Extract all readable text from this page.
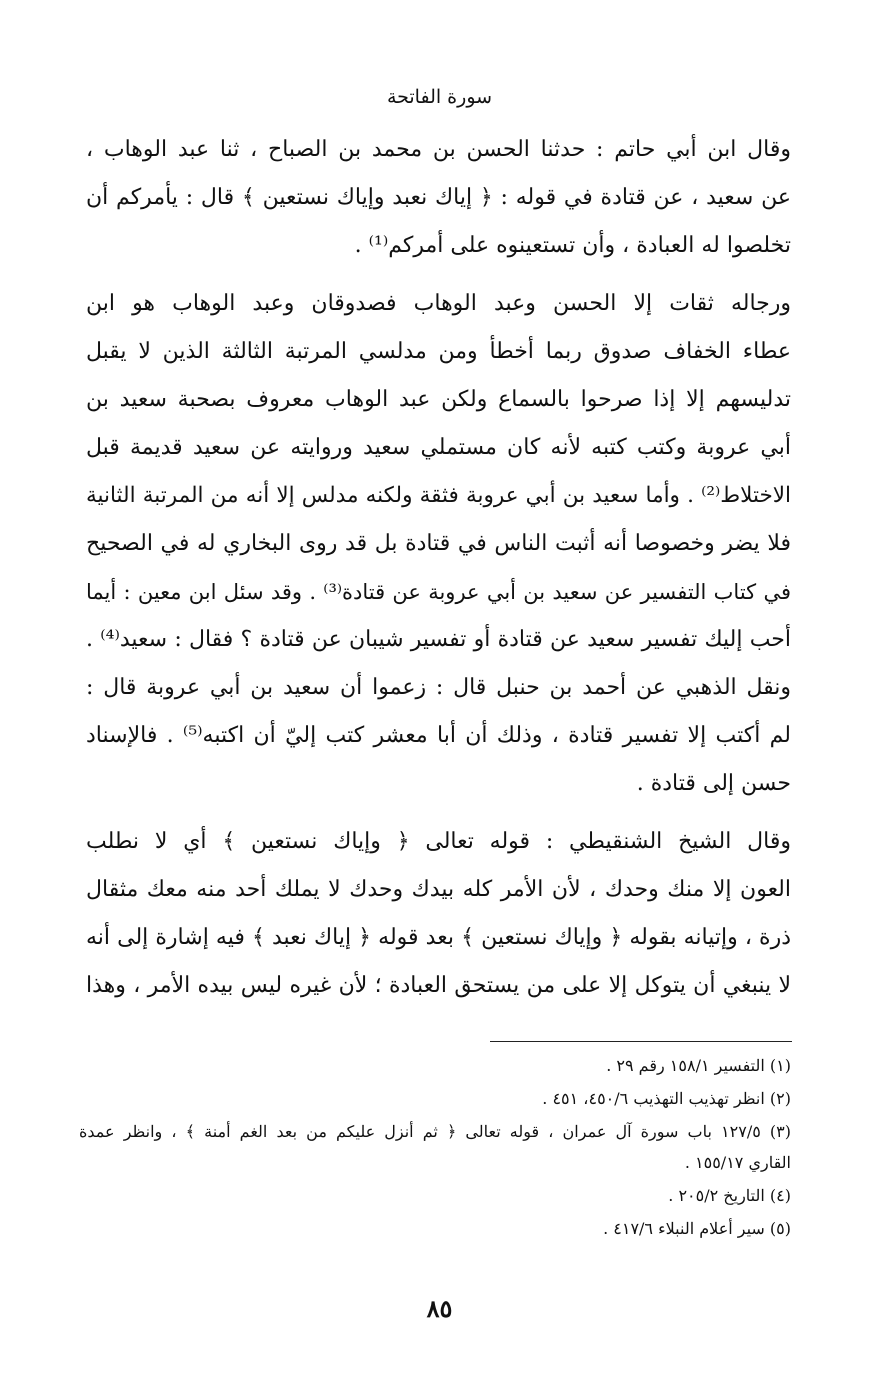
سورة الفاتحة
وقال ابن أبي حاتم : حدثنا الحسن بن محمد بن الصباح ، ثنا عبد الوهاب ،
عن سعيد ، عن قتادة في قوله : ﴿ إياك نعبد وإياك نستعين ﴾ قال : يأمركم أن
تخلصوا له العبادة ، وأن تستعينوه على أمركم⁽¹⁾ .
ورجاله ثقات إلا الحسن وعبد الوهاب فصدوقان وعبد الوهاب هو ابن
عطاء الخفاف صدوق ربما أخطأ ومن مدلسي المرتبة الثالثة الذين لا يقبل
تدليسهم إلا إذا صرحوا بالسماع ولكن عبد الوهاب معروف بصحبة سعيد بن
أبي عروبة وكتب كتبه لأنه كان مستملي سعيد وروايته عن سعيد قديمة قبل
الاختلاط⁽²⁾ . وأما سعيد بن أبي عروبة فثقة ولكنه مدلس إلا أنه من المرتبة الثانية
فلا يضر وخصوصا أنه أثبت الناس في قتادة بل قد روى البخاري له في الصحيح
في كتاب التفسير عن سعيد بن أبي عروبة عن قتادة⁽³⁾ . وقد سئل ابن معين : أيما
أحب إليك تفسير سعيد عن قتادة أو تفسير شيبان عن قتادة ؟ فقال : سعيد⁽⁴⁾ .
ونقل الذهبي عن أحمد بن حنبل قال : زعموا أن سعيد بن أبي عروبة قال :
لم أكتب إلا تفسير قتادة ، وذلك أن أبا معشر كتب إليّ أن اكتبه⁽⁵⁾ . فالإسناد
حسن إلى قتادة .
وقال الشيخ الشنقيطي : قوله تعالى ﴿ وإياك نستعين ﴾ أي لا نطلب
العون إلا منك وحدك ، لأن الأمر كله بيدك وحدك لا يملك أحد منه معك مثقال
ذرة ، وإتيانه بقوله ﴿ وإياك نستعين ﴾ بعد قوله ﴿ إياك نعبد ﴾ فيه إشارة إلى أنه
لا ينبغي أن يتوكل إلا على من يستحق العبادة ؛ لأن غيره ليس بيده الأمر ، وهذا
(١) التفسير ١٥٨/١ رقم ٢٩ .
(٢) انظر تهذيب التهذيب ٤٥٠/٦، ٤٥١ .
(٣) ١٢٧/٥ باب سورة آل عمران ، قوله تعالى ﴿ ثم أنزل عليكم من بعد الغم أمنة ﴾ ، وانظر عمدة
القاري ١٥٥/١٧ .
(٤) التاريخ ٢٠٥/٢ .
(٥) سير أعلام النبلاء ٤١٧/٦ .
٨٥
